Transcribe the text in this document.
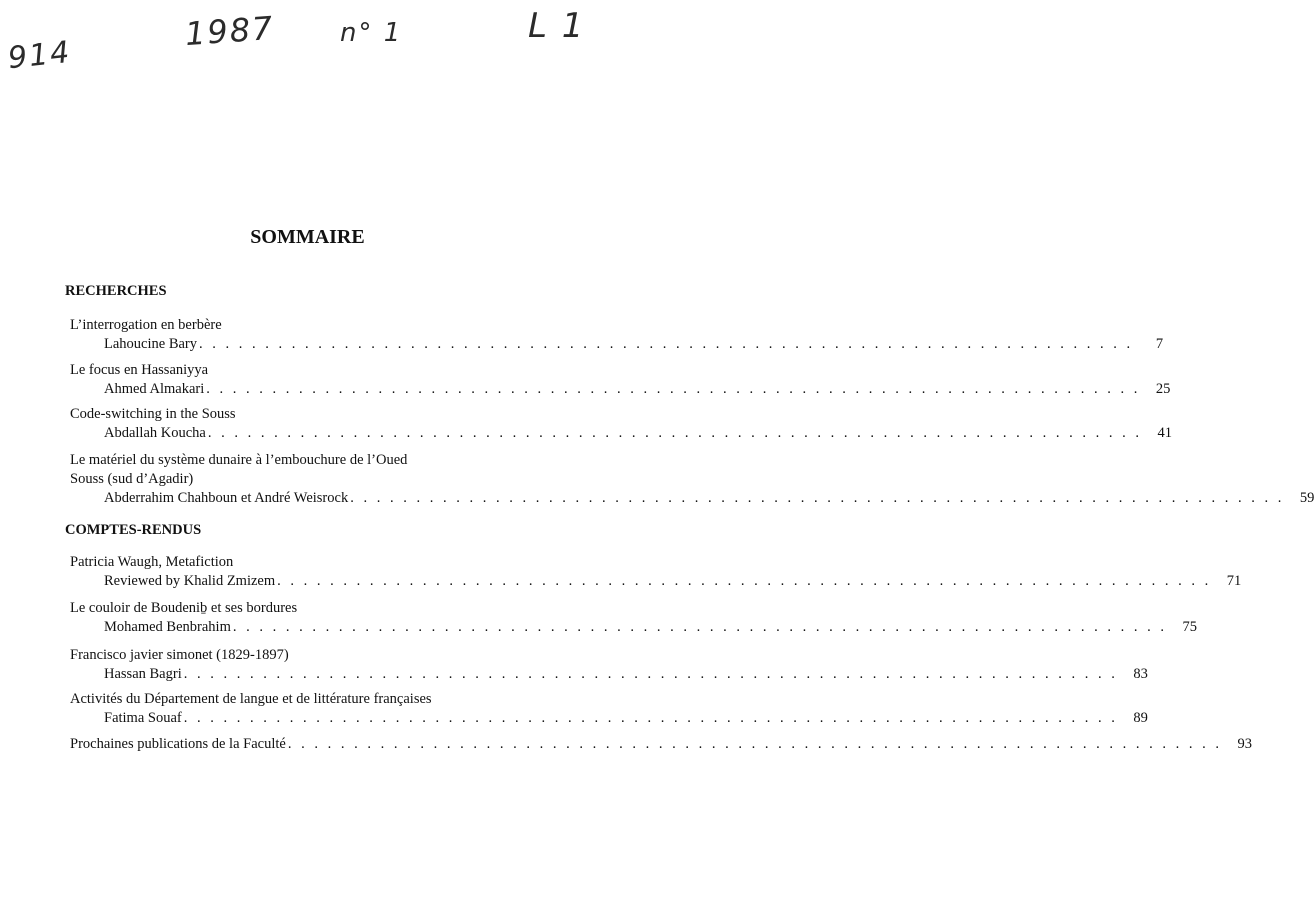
914
1987 n° 1	L 1
SOMMAIRE
RECHERCHES
L’interrogation en berbère
Lahoucine Bary . . . . . . . . . . . . . . . . . . . . . . . . . . . . . . . . . . . . . . . . . . . . . . . . . . . . . . . . . . . . . . . . . . . . . . .	7
Le focus en Hassaniyya
Ahmed Almakari . . . . . . . . . . . . . . . . . . . . . . . . . . . . . . . . . . . . . . . . . . . . . . . . . . . . . . . . . . . . . . . . . . . . . . .	25
Code-switching in the Souss
Abdallah Koucha . . . . . . . . . . . . . . . . . . . . . . . . . . . . . . . . . . . . . . . . . . . . . . . . . . . . . . . . . . . . . . . . . . . . . . .	41
Le matériel du système dunaire à l’embouchure de l’Oued
Souss (sud d’Agadir)
Abderrahim Chahboun et André Weisrock . . . . . . . . . . . . . . . . . . . . . . . . . . . . . . . . . . . . . . . . . . . . . . . . . . . . . . . . . . . . . . . . . . . . . . .	59
COMPTES-RENDUS
Patricia Waugh, Metafiction
Reviewed by Khalid Zmizem . . . . . . . . . . . . . . . . . . . . . . . . . . . . . . . . . . . . . . . . . . . . . . . . . . . . . . . . . . . . . . . . . . . . . . .	71
Le couloir de Boudeniḇ et ses bordures
Mohamed Benbrahim . . . . . . . . . . . . . . . . . . . . . . . . . . . . . . . . . . . . . . . . . . . . . . . . . . . . . . . . . . . . . . . . . . . . . . .	75
Francisco javier simonet (1829-1897)
Hassan Bagri . . . . . . . . . . . . . . . . . . . . . . . . . . . . . . . . . . . . . . . . . . . . . . . . . . . . . . . . . . . . . . . . . . . . . . .	83
Activités du Département de langue et de littérature françaises
Fatima Souaf . . . . . . . . . . . . . . . . . . . . . . . . . . . . . . . . . . . . . . . . . . . . . . . . . . . . . . . . . . . . . . . . . . . . . . .	89
Prochaines publications de la Faculté . . . . . . . . . . . . . . . . . . . . . . . . . . . . . . . . . . . . . . . . . . . . . . . . . . . . . . . . . . . . . . . . . . . . . . .	93
